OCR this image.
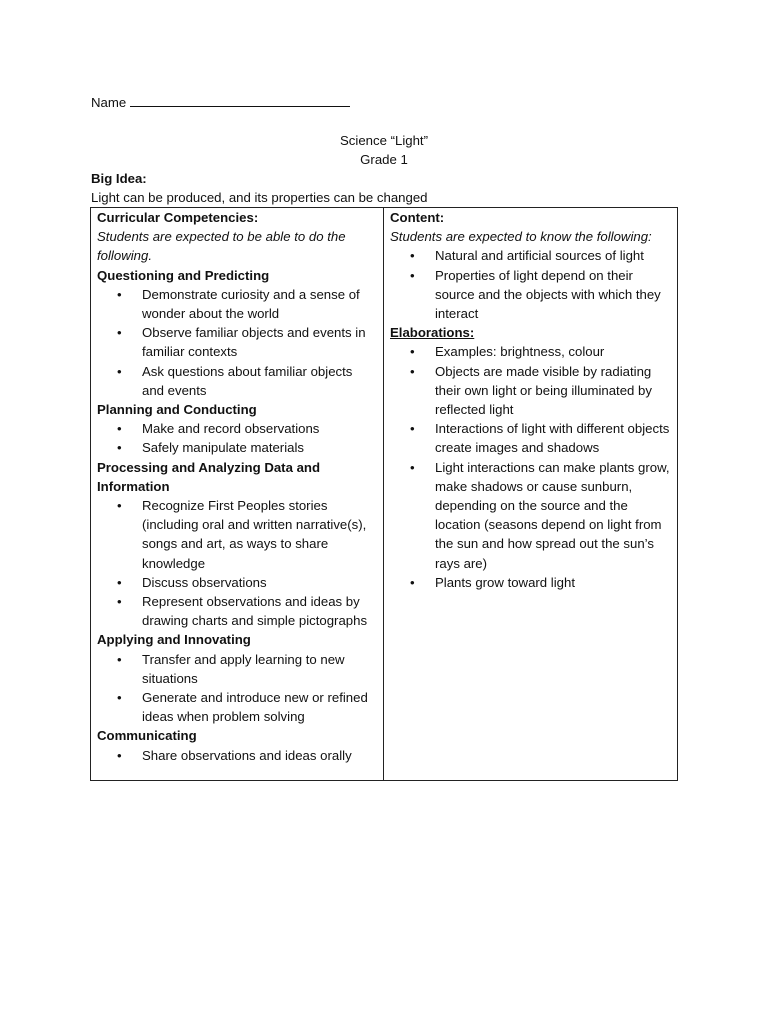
Name
Science “Light”
Grade 1
Big Idea:
Light can be produced, and its properties can be changed
Curricular Competencies:
Students are expected to be able to do the following.
Questioning and Predicting
• Demonstrate curiosity and a sense of wonder about the world
• Observe familiar objects and events in familiar contexts
• Ask questions about familiar objects and events
Planning and Conducting
• Make and record observations
• Safely manipulate materials
Processing and Analyzing Data and Information
• Recognize First Peoples stories (including oral and written narrative(s), songs and art, as ways to share knowledge
• Discuss observations
• Represent observations and ideas by drawing charts and simple pictographs
Applying and Innovating
• Transfer and apply learning to new situations
• Generate and introduce new or refined ideas when problem solving
Communicating
• Share observations and ideas orally
Content:
Students are expected to know the following:
• Natural and artificial sources of light
• Properties of light depend on their source and the objects with which they interact
Elaborations:
• Examples: brightness, colour
• Objects are made visible by radiating their own light or being illuminated by reflected light
• Interactions of light with different objects create images and shadows
• Light interactions can make plants grow, make shadows or cause sunburn, depending on the source and the location (seasons depend on light from the sun and how spread out the sun’s rays are)
• Plants grow toward light
